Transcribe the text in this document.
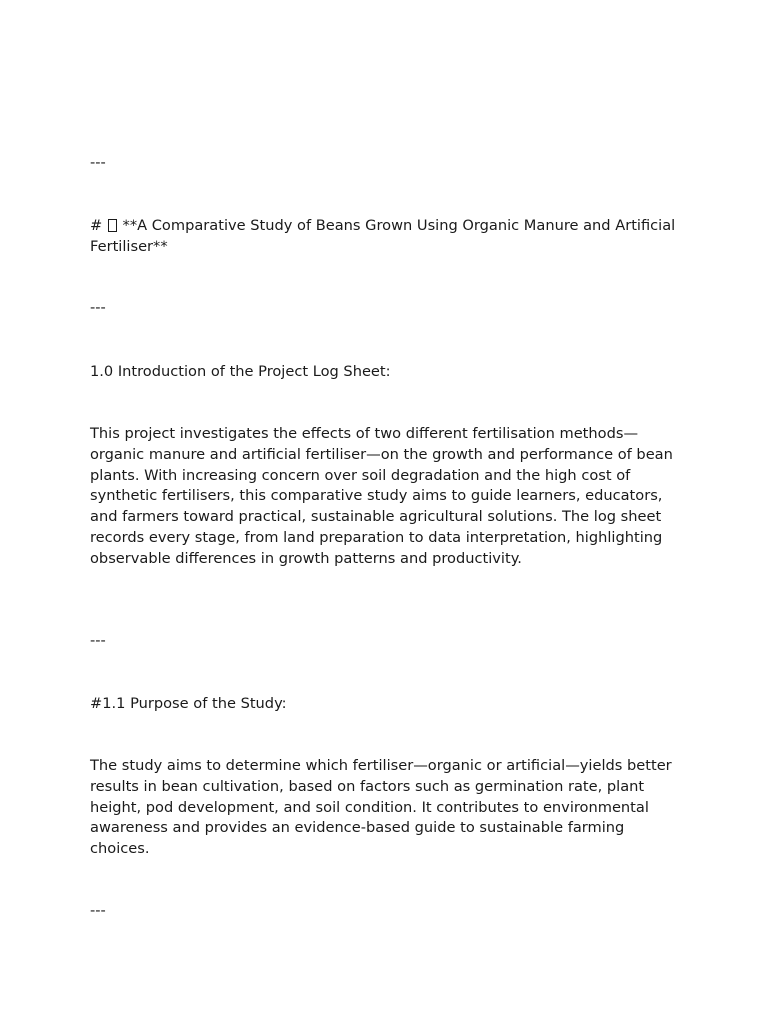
---

# **A Comparative Study of Beans Grown Using Organic Manure and Artificial Fertiliser**

---

1.0 Introduction of the Project Log Sheet:

This project investigates the effects of two different fertilisation methods—organic manure and artificial fertiliser—on the growth and performance of bean plants. With increasing concern over soil degradation and the high cost of synthetic fertilisers, this comparative study aims to guide learners, educators, and farmers toward practical, sustainable agricultural solutions. The log sheet records every stage, from land preparation to data interpretation, highlighting observable differences in growth patterns and productivity.

---

#1.1 Purpose of the Study:

The study aims to determine which fertiliser—organic or artificial—yields better results in bean cultivation, based on factors such as germination rate, plant height, pod development, and soil condition. It contributes to environmental awareness and provides an evidence-based guide to sustainable farming choices.

---
